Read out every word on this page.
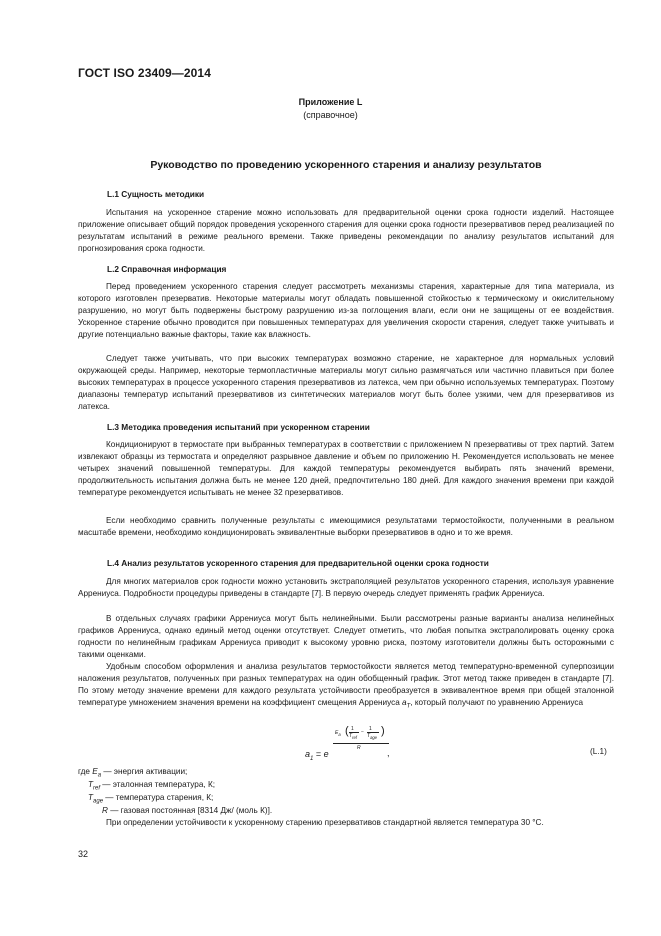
ГОСТ ISO 23409—2014
Приложение L
(справочное)
Руководство по проведению ускоренного старения и анализу результатов
L.1 Сущность методики

Испытания на ускоренное старение можно использовать для предварительной оценки срока годности изделий. Настоящее приложение описывает общий порядок проведения ускоренного старения для оценки срока годности презервативов перед реализацией по результатам испытаний в режиме реального времени. Также приведены рекомендации по анализу результатов испытаний для прогнозирования срока годности.

L.2 Справочная информация

Перед проведением ускоренного старения следует рассмотреть механизмы старения, характерные для типа материала, из которого изготовлен презерватив. Некоторые материалы могут обладать повышенной стойкостью к термическому и окислительному разрушению, но могут быть подвержены быстрому разрушению из-за поглощения влаги, если они не защищены от ее воздействия. Ускоренное старение обычно проводится при повышенных температурах для увеличения скорости старения, следует также учитывать и другие потенциально важные факторы, такие как влажность.

Следует также учитывать, что при высоких температурах возможно старение, не характерное для нормальных условий окружающей среды. Например, некоторые термопластичные материалы могут сильно размягчаться или частично плавиться при более высоких температурах в процессе ускоренного старения презервативов из латекса, чем при обычно используемых температурах. Поэтому диапазоны температур испытаний презервативов из синтетических материалов могут быть более узкими, чем для презервативов из латекса.

L.3 Методика проведения испытаний при ускоренном старении

Кондиционируют в термостате при выбранных температурах в соответствии с приложением N презервативы от трех партий. Затем извлекают образцы из термостата и определяют разрывное давление и объем по приложению H. Рекомендуется использовать не менее четырех значений повышенной температуры. Для каждой температуры рекомендуется выбирать пять значений времени, продолжительность испытания должна быть не менее 120 дней, предпочтительно 180 дней. Для каждого значения времени при каждой температуре рекомендуется испытывать не менее 32 презервативов.

Если необходимо сравнить полученные результаты с имеющимися результатами термостойкости, полученными в реальном масштабе времени, необходимо кондиционировать эквивалентные выборки презервативов в одно и то же время.

L.4 Анализ результатов ускоренного старения для предварительной оценки срока годности

Для многих материалов срок годности можно установить экстраполяцией результатов ускоренного старения, используя уравнение Аррениуса. Подробности процедуры приведены в стандарте [7]. В первую очередь следует применять график Аррениуса.

В отдельных случаях графики Аррениуса могут быть нелинейными. Были рассмотрены разные варианты анализа нелинейных графиков Аррениуса, однако единый метод оценки отсутствует. Следует отметить, что любая попытка экстраполировать оценку срока годности по нелинейным графикам Аррениуса приводит к высокому уровню риска, поэтому изготовители должны быть осторожными с такими оценками.

Удобным способом оформления и анализа результатов термостойкости является метод температурно-временной суперпозиции наложения результатов, полученных при разных температурах на один обобщенный график. Этот метод также приведен в стандарте [7]. По этому методу значение времени для каждого результата устойчивости преобразуется в эквивалентное время при общей эталонной температуре умножением значения времени на коэффициент смещения Аррениуса $a_T$, который получают по уравнению Аррениуса

$a_1 = e$
$E_a$ ( 1
$T_{ref}$
− 1
$T_{age}$
)
R	,	(L.1)
где $E_a$ — энергия активации;
$T_{ref}$ — эталонная температура, К;
$T_{age}$ — температура старения, К;
R — газовая постоянная [8314 Дж/ (моль К)].

При определении устойчивости к ускоренному старению презервативов стандартной является температура 30 °С.

32
